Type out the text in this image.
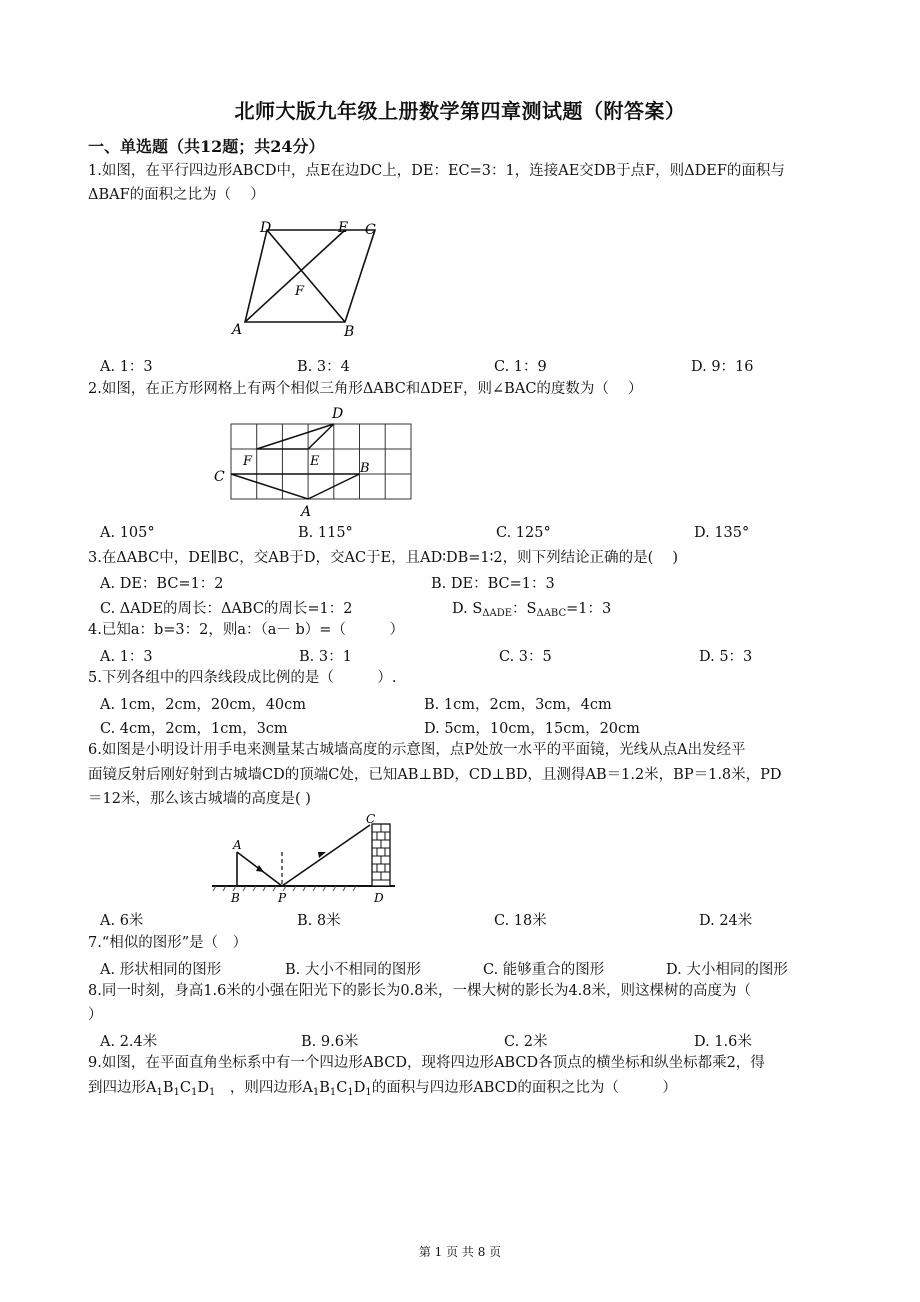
北师大版九年级上册数学第四章测试题（附答案）
一、单选题（共12题；共24分）
1.如图，在平行四边形ABCD中，点E在边DC上，DE：EC=3：1，连接AE交DB于点F，则ΔDEF的面积与
ΔBAF的面积之比为（　 ）
D	E C
F
A	B
A. 1：3	B. 3：4	C. 1：9	D. 9：16
2.如图，在正方形网格上有两个相似三角形ΔABC和ΔDEF，则∠BAC的度数为（　 ）
D
F	E	B
C
A
A. 105°	B. 115°	C. 125°	D. 135°
3.在ΔABC中，DE∥BC，交AB于D，交AC于E，且AD∶DB=1∶2，则下列结论正确的是(　 )
A. DE：BC=1：2	B. DE：BC=1：3
C. ΔADE的周长：ΔABC的周长=1：2	D. $S_{\Delta ADE}$：$S_{\Delta ABC}=1$：3
4.已知a：b=3：2，则a：（a－ b）=（　　　）
A. 1：3	B. 3：1	C. 3：5	D. 5：3
5.下列各组中的四条线段成比例的是（　　　）.
A. 1cm，2cm，20cm，40cm	B. 1cm，2cm，3cm，4cm
C. 4cm，2cm，1cm，3cm	D. 5cm，10cm，15cm，20cm
6.如图是小明设计用手电来测量某古城墙高度的示意图，点P处放一水平的平面镜，光线从点A出发经平
面镜反射后刚好射到古城墙CD的顶端C处，已知AB⊥BD，CD⊥BD，且测得AB＝1.2米，BP＝1.8米，PD
＝12米，那么该古城墙的高度是( )
C
A
B	P	D
A. 6米	B. 8米	C. 18米	D. 24米
7.“相似的图形”是（　）
A. 形状相同的图形	B. 大小不相同的图形	C. 能够重合的图形	D. 大小相同的图形
8.同一时刻，身高1.6米的小强在阳光下的影长为0.8米，一棵大树的影长为4.8米，则这棵树的高度为（
）
A. 2.4米	B. 9.6米	C. 2米	D. 1.6米
9.如图，在平面直角坐标系中有一个四边形ABCD，现将四边形ABCD各顶点的横坐标和纵坐标都乘2，得
到四边形$A_1B_1C_1D_1$　，则四边形$A_1B_1C_1D_1$的面积与四边形ABCD的面积之比为（　　　）
第 1 页 共 8 页
